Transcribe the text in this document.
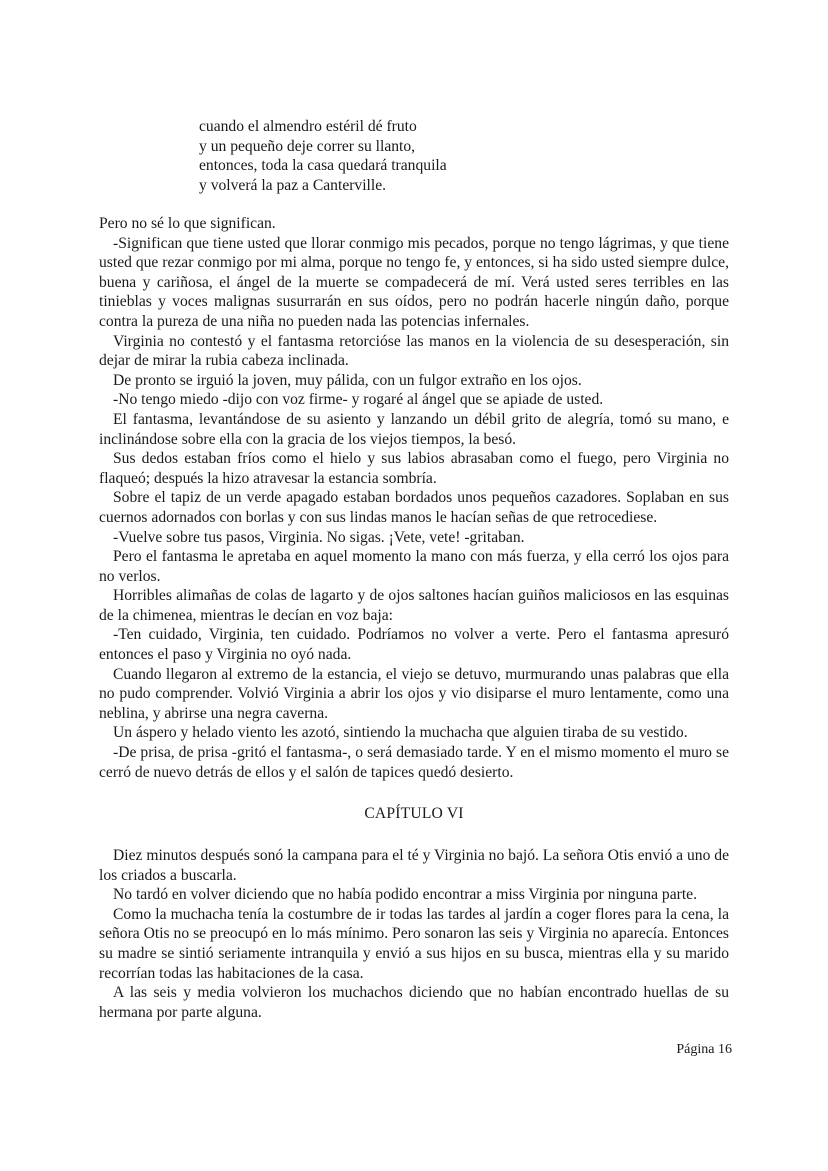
cuando el almendro estéril dé fruto
y un pequeño deje correr su llanto,
entonces, toda la casa quedará tranquila
y volverá la paz a Canterville.

Pero no sé lo que significan.

-Significan que tiene usted que llorar conmigo mis pecados, porque no tengo lágrimas, y que tiene usted que rezar conmigo por mi alma, porque no tengo fe, y entonces, si ha sido usted siempre dulce, buena y cariñosa, el ángel de la muerte se compadecerá de mí. Verá usted seres terribles en las tinieblas y voces malignas susurrarán en sus oídos, pero no podrán hacerle ningún daño, porque contra la pureza de una niña no pueden nada las potencias infernales.

Virginia no contestó y el fantasma retorcióse las manos en la violencia de su desesperación, sin dejar de mirar la rubia cabeza inclinada.

De pronto se irguió la joven, muy pálida, con un fulgor extraño en los ojos.

-No tengo miedo -dijo con voz firme- y rogaré al ángel que se apiade de usted.

El fantasma, levantándose de su asiento y lanzando un débil grito de alegría, tomó su mano, e inclinándose sobre ella con la gracia de los viejos tiempos, la besó.

Sus dedos estaban fríos como el hielo y sus labios abrasaban como el fuego, pero Virginia no flaqueó; después la hizo atravesar la estancia sombría.

Sobre el tapiz de un verde apagado estaban bordados unos pequeños cazadores. Soplaban en sus cuernos adornados con borlas y con sus lindas manos le hacían señas de que retrocediese.

-Vuelve sobre tus pasos, Virginia. No sigas. ¡Vete, vete! -gritaban.

Pero el fantasma le apretaba en aquel momento la mano con más fuerza, y ella cerró los ojos para no verlos.

Horribles alimañas de colas de lagarto y de ojos saltones hacían guiños maliciosos en las esquinas de la chimenea, mientras le decían en voz baja:

-Ten cuidado, Virginia, ten cuidado. Podríamos no volver a verte. Pero el fantasma apresuró entonces el paso y Virginia no oyó nada.

Cuando llegaron al extremo de la estancia, el viejo se detuvo, murmurando unas palabras que ella no pudo comprender. Volvió Virginia a abrir los ojos y vio disiparse el muro lentamente, como una neblina, y abrirse una negra caverna.

Un áspero y helado viento les azotó, sintiendo la muchacha que alguien tiraba de su vestido.

-De prisa, de prisa -gritó el fantasma-, o será demasiado tarde. Y en el mismo momento el muro se cerró de nuevo detrás de ellos y el salón de tapices quedó desierto.

CAPÍTULO VI

Diez minutos después sonó la campana para el té y Virginia no bajó. La señora Otis envió a uno de los criados a buscarla.

No tardó en volver diciendo que no había podido encontrar a miss Virginia por ninguna parte.

Como la muchacha tenía la costumbre de ir todas las tardes al jardín a coger flores para la cena, la señora Otis no se preocupó en lo más mínimo. Pero sonaron las seis y Virginia no aparecía. Entonces su madre se sintió seriamente intranquila y envió a sus hijos en su busca, mientras ella y su marido recorrían todas las habitaciones de la casa.

A las seis y media volvieron los muchachos diciendo que no habían encontrado huellas de su hermana por parte alguna.

Página 16
